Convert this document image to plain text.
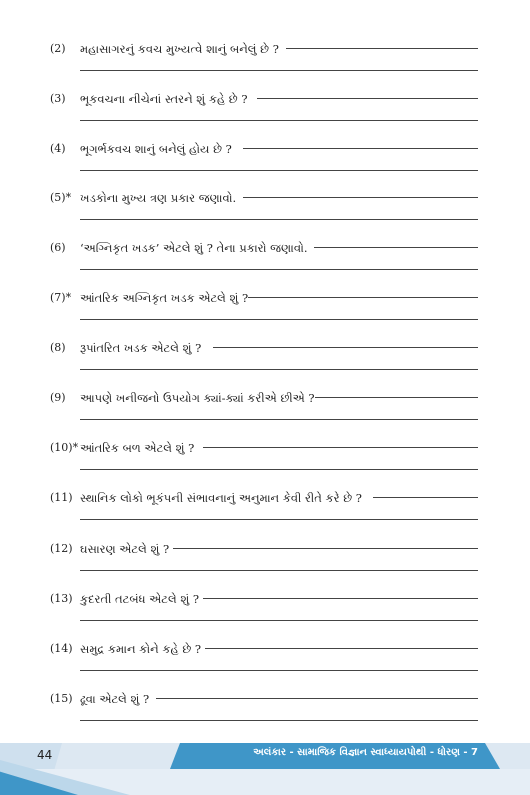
(2) મહાસાગરનું કવચ મુખ્યત્વે શાનું બનેલું છે ?
(3) ભૂકવચના નીચેનાં સ્તરને શું કહે છે ?
(4) ભૂગર્ભકવચ શાનું બનેલું હોય છે ?
(5)* ખડકોના મુખ્ય ત્રણ પ્રકાર જણાવો.
(6) ‘અગ્નિકૃત ખડક’ એટલે શું ? તેના પ્રકારો જણાવો.
(7)* આંતરિક અગ્નિકૃત ખડક એટલે શું ?
(8) રૂપાંતરિત ખડક એટલે શું ?
(9) આપણે ખનીજનો ઉપયોગ ક્યાં-ક્યાં કરીએ છીએ ?
(10)* આંતરિક બળ એટલે શું ?
(11) સ્થાનિક લોકો ભૂકંપની સંભાવનાનું અનુમાન કેવી રીતે કરે છે ?
(12) ઘસારણ એટલે શું ?
(13) કુદરતી તટબંધ એટલે શું ?
(14) સમુદ્ર કમાન કોને કહે છે ?
(15) ઢૂવા એટલે શું ?
44	અલંકાર - સામાજિક વિજ્ઞાન સ્વાધ્યાયપોથી - ધોરણ - 7
